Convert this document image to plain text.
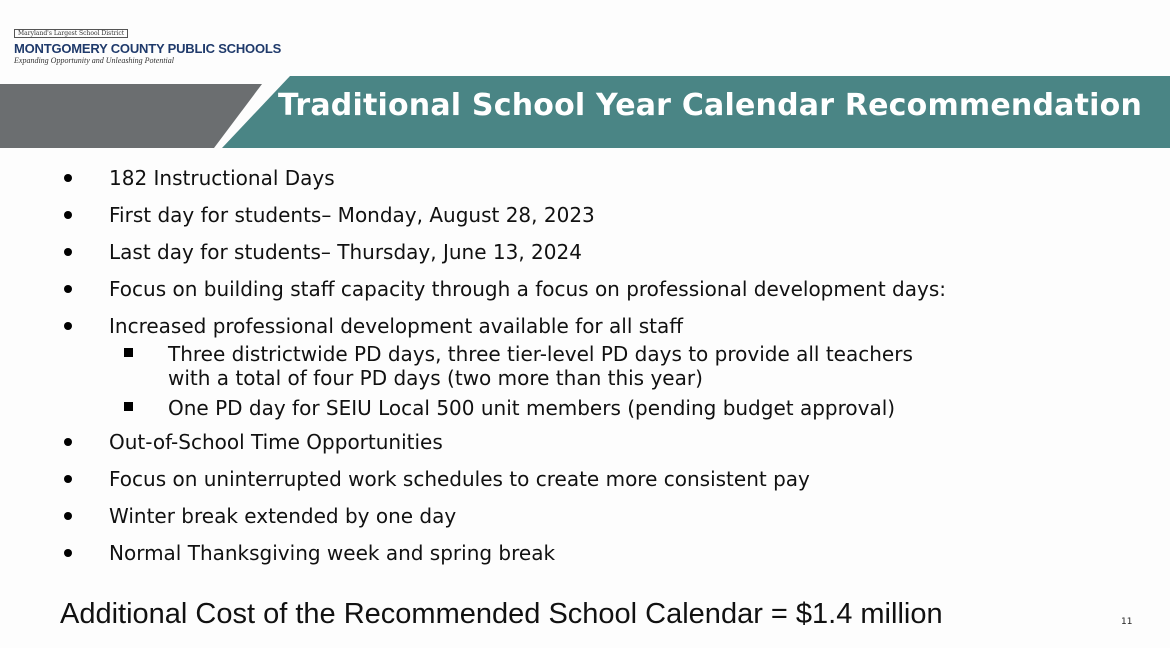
Maryland's Largest School District
MONTGOMERY COUNTY PUBLIC SCHOOLS
Expanding Opportunity and Unleashing Potential
Traditional School Year Calendar Recommendation
182 Instructional Days
First day for students– Monday, August 28, 2023
Last day for students– Thursday, June 13, 2024
Focus on building staff capacity through a focus on professional development days:
Increased professional development available for all staff
Three districtwide PD days, three tier-level PD days to provide all teachers
with a total of four PD days (two more than this year)
One PD day for SEIU Local 500 unit members (pending budget approval)
Out-of-School Time Opportunities
Focus on uninterrupted work schedules to create more consistent pay
Winter break extended by one day
Normal Thanksgiving week and spring break
Additional Cost of the Recommended School Calendar = $1.4 million	11
